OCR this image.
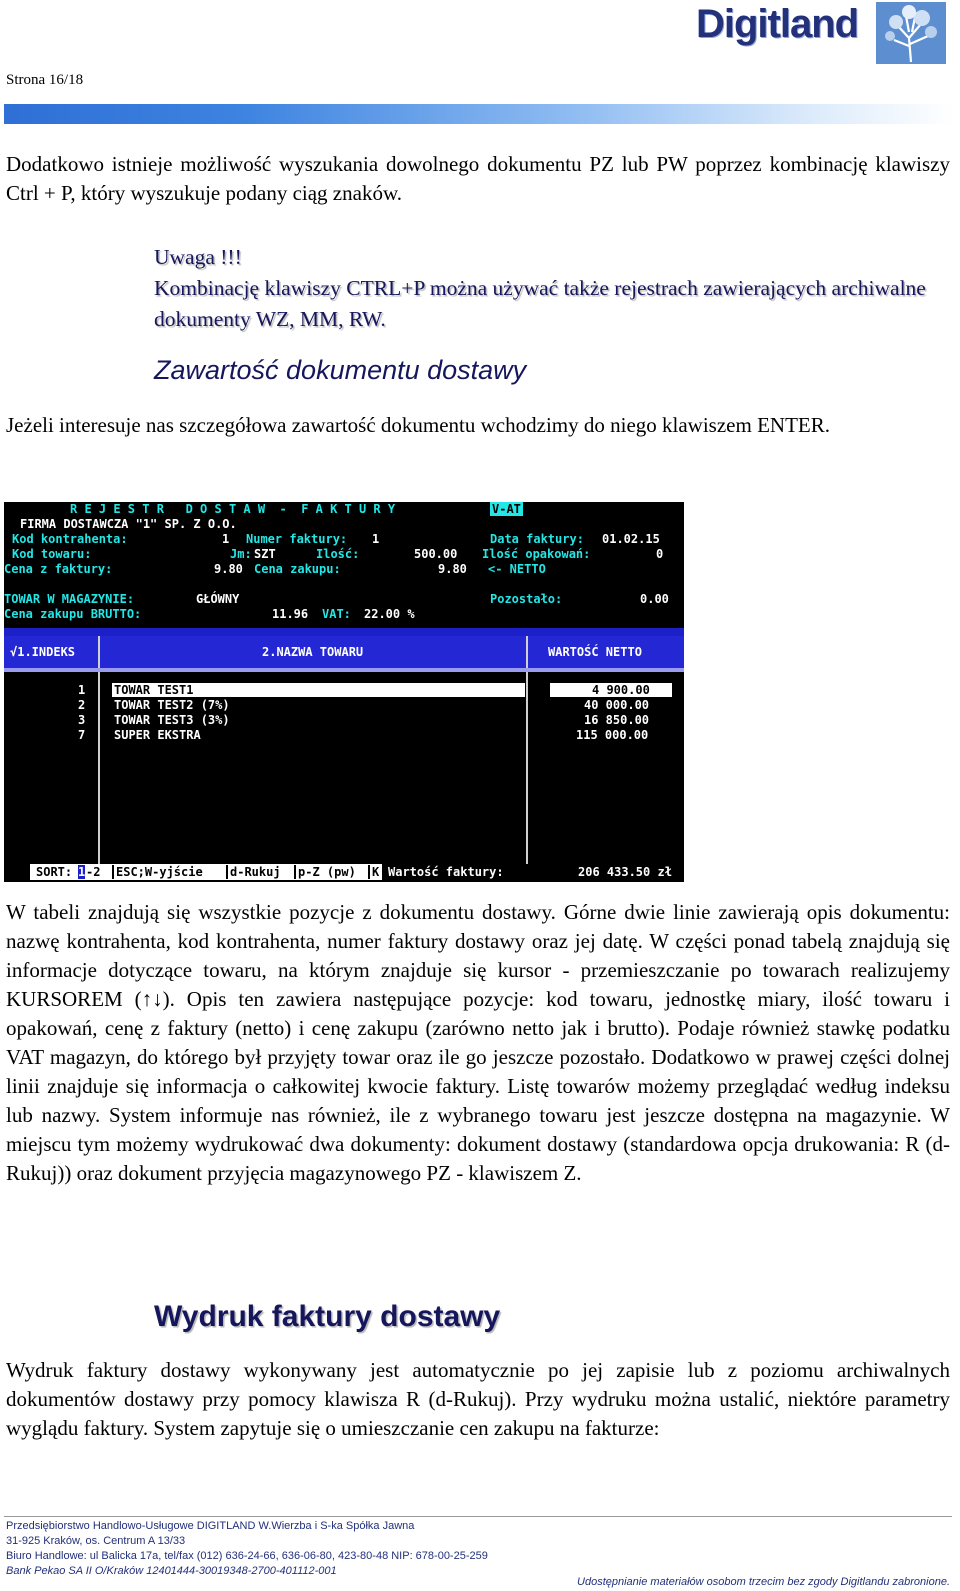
Strona 16/18
Digitland
Dodatkowo istnieje możliwość wyszukania dowolnego dokumentu PZ lub PW poprzez kombinację klawiszy Ctrl + P, który wyszukuje podany ciąg znaków.
Uwaga !!!
Kombinację klawiszy CTRL+P można używać także rejestrach zawierających archiwalne dokumenty WZ, MM, RW.
Zawartość dokumentu dostawy
Jeżeli interesuje nas szczegółowa zawartość dokumentu wchodzimy do niego klawiszem ENTER.
R E J E S T R   D O S T A W  -  F A K T U R Y	V-AT
FIRMA DOSTAWCZA "1" SP. Z O.O.
Kod kontrahenta:	1 Numer faktury: 1	Data faktury: 01.02.15
Kod towaru:	Jm: SZT	Ilość:	500.00 Ilość opakowań:	0
Cena z faktury:	9.80 Cena zakupu:	9.80 <- NETTO
TOWAR W MAGAZYNIE:	GŁÓWNY	Pozostało:	0.00
Cena zakupu BRUTTO:	11.96 VAT: 22.00 %
√1.INDEKS	2.NAZWA TOWARU	WARTOŚĆ NETTO
1 TOWAR TEST1	4 900.00
2 TOWAR TEST2 (7%)	40 000.00
3 TOWAR TEST3 (3%)	16 850.00
7 SUPER EKSTRA	115 000.00
SORT: 1 -2	ESC;W-yjście	d-Rukuj	p-Z (pw)	K Wartość faktury:	206 433.50 zł
W tabeli znajdują się wszystkie pozycje z dokumentu dostawy. Górne dwie linie zawierają opis dokumentu: nazwę kontrahenta, kod kontrahenta, numer faktury dostawy oraz jej datę. W części ponad tabelą znajdują się informacje dotyczące towaru, na którym znajduje się kursor - przemieszczanie po towarach realizujemy KURSOREM (↑↓). Opis ten zawiera następujące pozycje: kod towaru, jednostkę miary, ilość towaru i opakowań, cenę z faktury (netto) i cenę zakupu (zarówno netto jak i brutto). Podaje również stawkę podatku VAT magazyn, do którego był przyjęty towar oraz ile go jeszcze pozostało. Dodatkowo w prawej części dolnej linii znajduje się informacja o całkowitej kwocie faktury. Listę towarów możemy przeglądać według indeksu lub nazwy. System informuje nas również, ile z wybranego towaru jest jeszcze dostępna na magazynie. W miejscu tym możemy wydrukować dwa dokumenty: dokument dostawy (standardowa opcja drukowania: R (d-Rukuj)) oraz dokument przyjęcia magazynowego PZ - klawiszem Z.
Wydruk faktury dostawy
Wydruk faktury dostawy wykonywany jest automatycznie po jej zapisie lub z poziomu archiwalnych dokumentów dostawy przy pomocy klawisza R (d-Rukuj). Przy wydruku można ustalić, niektóre parametry wyglądu faktury. System zapytuje się o umieszczanie cen zakupu na fakturze:
Przedsiębiorstwo Handlowo-Usługowe DIGITLAND W.Wierzba i S-ka Spółka Jawna
31-925 Kraków, os. Centrum A 13/33
Biuro Handlowe: ul Balicka 17a, tel/fax (012) 636-24-66, 636-06-80, 423-80-48 NIP: 678-00-25-259
Bank Pekao SA II O/Kraków 12401444-30019348-2700-401112-001
Udostępnianie materiałów osobom trzecim bez zgody Digitlandu zabronione.
